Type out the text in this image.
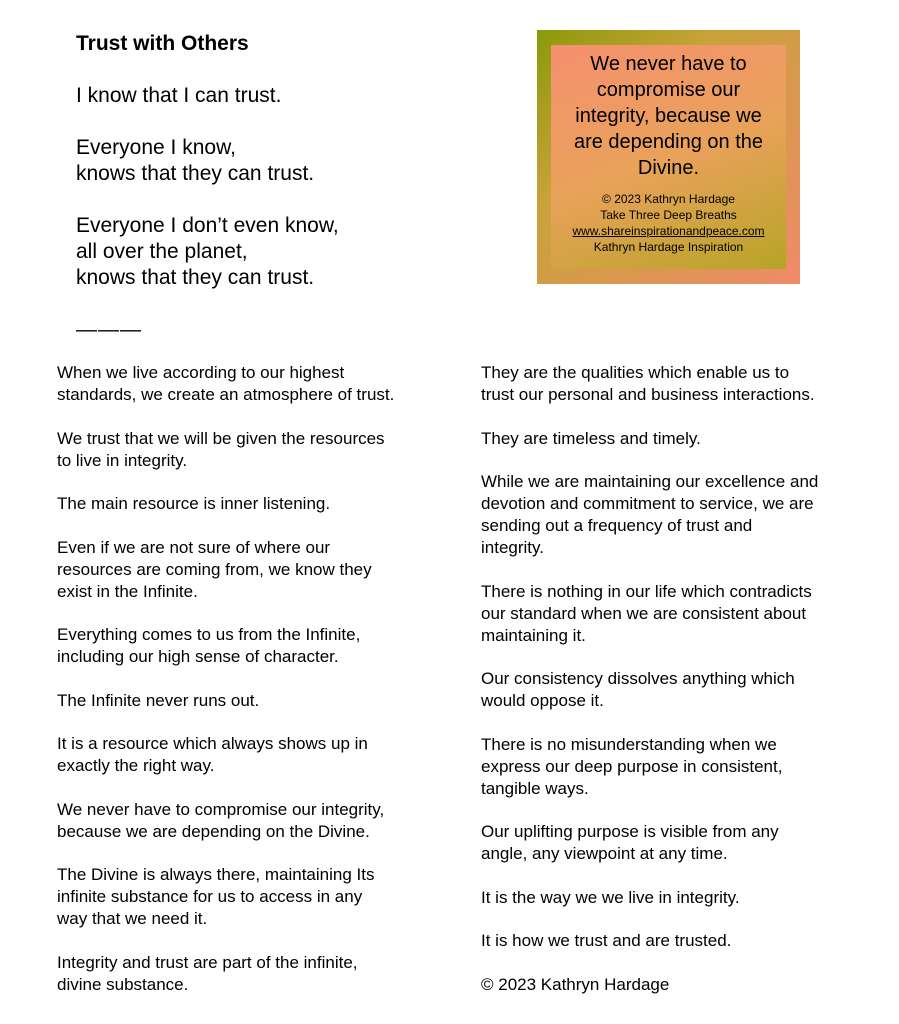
Trust with Others
I know that I can trust.
Everyone I know,
knows that they can trust.
Everyone I don’t even know,
all over the planet,
knows that they can trust.
———

We never have to
compromise our
integrity, because we
are depending on the
Divine.

© 2023 Kathryn Hardage
Take Three Deep Breaths
www.shareinspirationandpeace.com
Kathryn Hardage Inspiration
When we live according to our highest
standards, we create an atmosphere of trust.
We trust that we will be given the resources
to live in integrity.
The main resource is inner listening.
Even if we are not sure of where our
resources are coming from, we know they
exist in the Infinite.
Everything comes to us from the Infinite,
including our high sense of character.
The Infinite never runs out.
It is a resource which always shows up in
exactly the right way.
We never have to compromise our integrity,
because we are depending on the Divine.
The Divine is always there, maintaining Its
infinite substance for us to access in any
way that we need it.
Integrity and trust are part of the infinite,
divine substance.
They are the qualities which enable us to
trust our personal and business interactions.
They are timeless and timely.
While we are maintaining our excellence and
devotion and commitment to service, we are
sending out a frequency of trust and
integrity.
There is nothing in our life which contradicts
our standard when we are consistent about
maintaining it.
Our consistency dissolves anything which
would oppose it.
There is no misunderstanding when we
express our deep purpose in consistent,
tangible ways.
Our uplifting purpose is visible from any
angle, any viewpoint at any time.
It is the way we we live in integrity.
It is how we trust and are trusted.
© 2023 Kathryn Hardage
